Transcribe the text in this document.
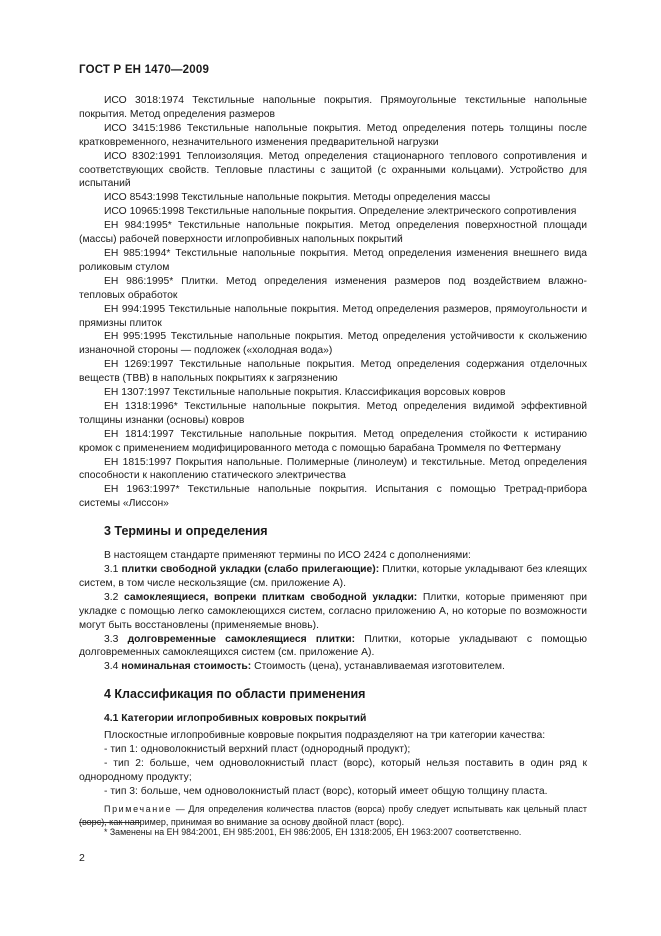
ГОСТ Р ЕН 1470—2009

ИСО 3018:1974 Текстильные напольные покрытия. Прямоугольные текстильные напольные покрытия. Метод определения размеров

ИСО 3415:1986 Текстильные напольные покрытия. Метод определения потерь толщины после кратковременного, незначительного изменения предварительной нагрузки

ИСО 8302:1991 Теплоизоляция. Метод определения стационарного теплового сопротивления и соответствующих свойств. Тепловые пластины с защитой (с охранными кольцами). Устройство для испытаний

ИСО 8543:1998 Текстильные напольные покрытия. Методы определения массы

ИСО 10965:1998 Текстильные напольные покрытия. Определение электрического сопротивления

ЕН 984:1995* Текстильные напольные покрытия. Метод определения поверхностной площади (массы) рабочей поверхности иглопробивных напольных покрытий

ЕН 985:1994* Текстильные напольные покрытия. Метод определения изменения внешнего вида роликовым стулом

ЕН 986:1995* Плитки. Метод определения изменения размеров под воздействием влажно-тепловых обработок

ЕН 994:1995 Текстильные напольные покрытия. Метод определения размеров, прямоугольности и прямизны плиток

ЕН 995:1995 Текстильные напольные покрытия. Метод определения устойчивости к скольжению изнаночной стороны — подложек («холодная вода»)

ЕН 1269:1997 Текстильные напольные покрытия. Метод определения содержания отделочных веществ (ТВВ) в напольных покрытиях к загрязнению

ЕН 1307:1997 Текстильные напольные покрытия. Классификация ворсовых ковров

ЕН 1318:1996* Текстильные напольные покрытия. Метод определения видимой эффективной толщины изнанки (основы) ковров

ЕН 1814:1997 Текстильные напольные покрытия. Метод определения стойкости к истиранию кромок с применением модифицированного метода с помощью барабана Троммеля по Феттерману

ЕН 1815:1997 Покрытия напольные. Полимерные (линолеум) и текстильные. Метод определения способности к накоплению статического электричества

ЕН 1963:1997* Текстильные напольные покрытия. Испытания с помощью Третрад-прибора системы «Лиссон»

3 Термины и определения

В настоящем стандарте применяют термины по ИСО 2424 с дополнениями:

3.1 плитки свободной укладки (слабо прилегающие): Плитки, которые укладывают без клеящих систем, в том числе нескользящие (см. приложение А).

3.2 самоклеящиеся, вопреки плиткам свободной укладки: Плитки, которые применяют при укладке с помощью легко самоклеющихся систем, согласно приложению А, но которые по возможности могут быть восстановлены (применяемые вновь).

3.3 долговременные самоклеящиеся плитки: Плитки, которые укладывают с помощью долговременных самоклеящихся систем (см. приложение А).

3.4 номинальная стоимость: Стоимость (цена), устанавливаемая изготовителем.

4 Классификация по области применения
4.1 Категории иглопробивных ковровых покрытий

Плоскостные иглопробивные ковровые покрытия подразделяют на три категории качества:

- тип 1: одноволокнистый верхний пласт (однородный продукт);

- тип 2: больше, чем одноволокнистый пласт (ворс), который нельзя поставить в один ряд к однородному продукту;

- тип 3: больше, чем одноволокнистый пласт (ворс), который имеет общую толщину пласта.

Примечание — Для определения количества пластов (ворса) пробу следует испытывать как цельный пласт (ворс), как например, принимая во внимание за основу двойной пласт (ворс).

* Заменены на ЕН 984:2001, ЕН 985:2001, ЕН 986:2005, ЕН 1318:2005, ЕН 1963:2007 соответственно.
2
